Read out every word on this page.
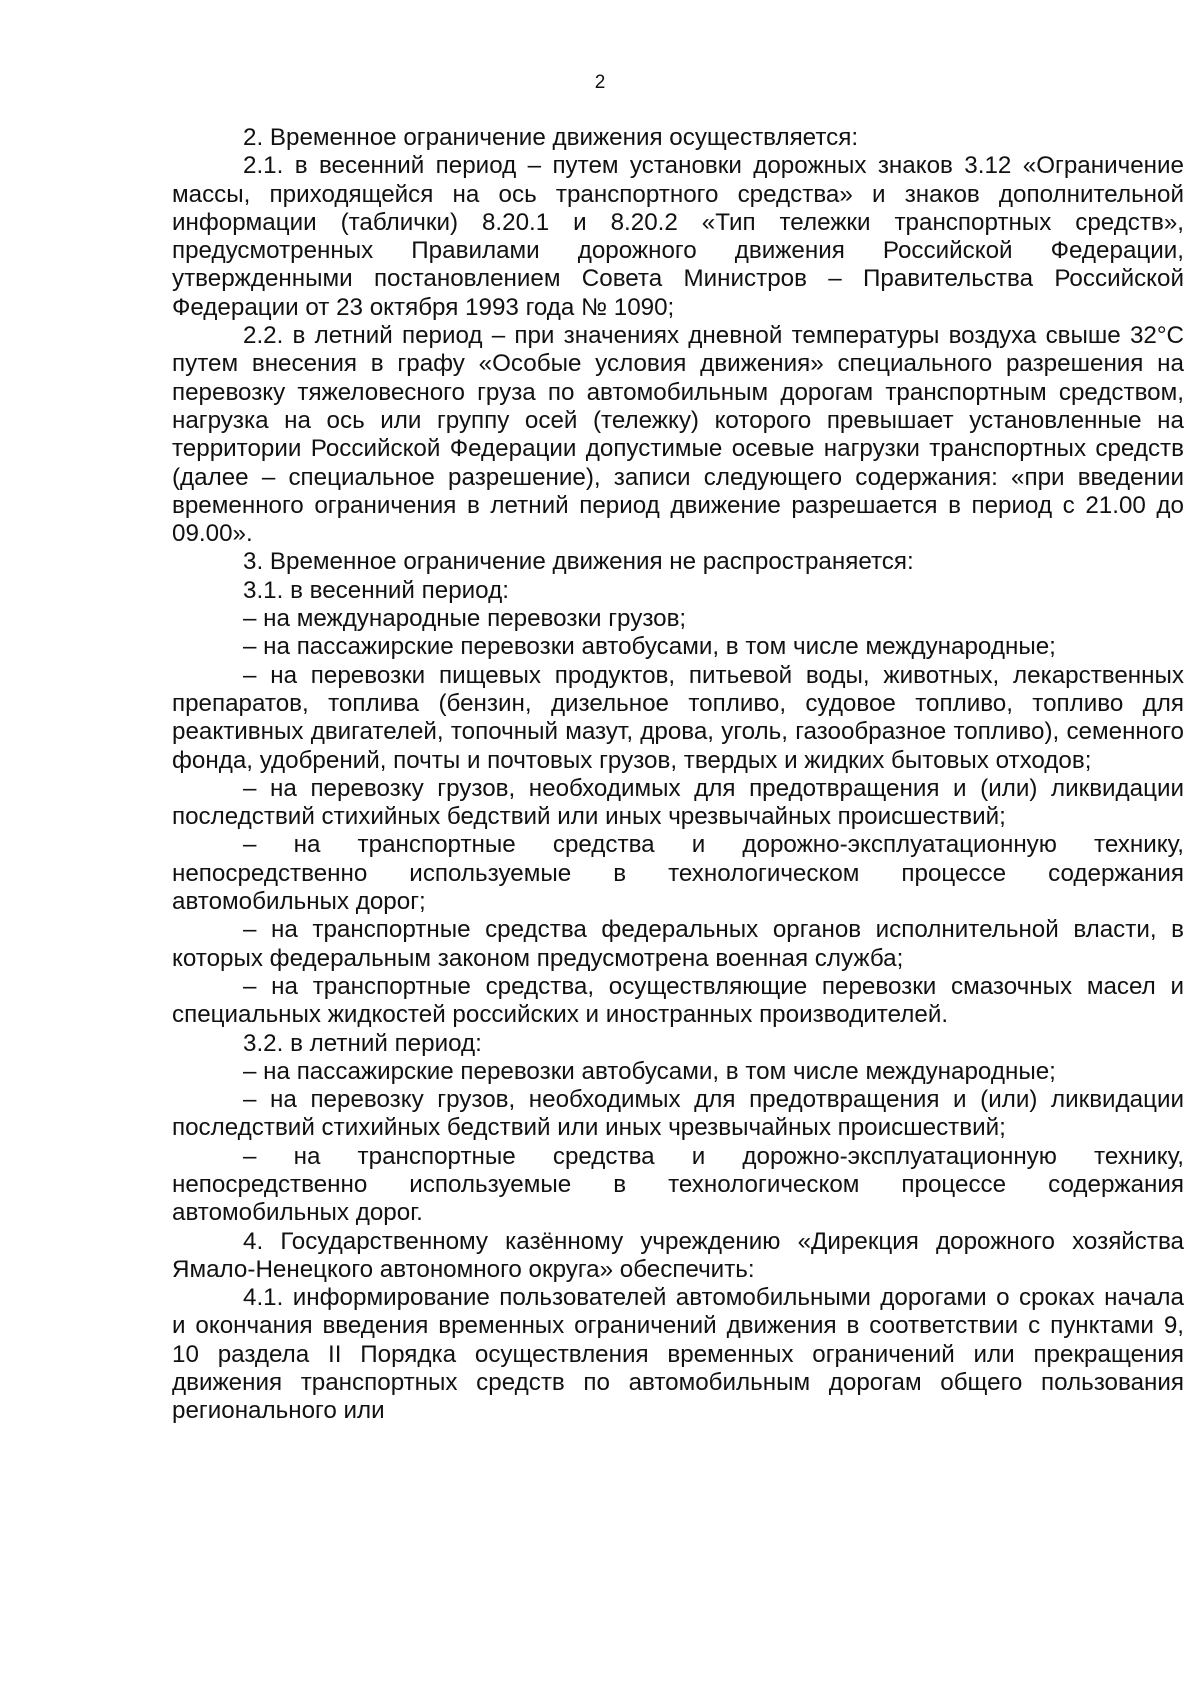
2

2. Временное ограничение движения осуществляется:

2.1. в весенний период – путем установки дорожных знаков 3.12 «Ограничение массы, приходящейся на ось транспортного средства» и знаков дополнительной информации (таблички) 8.20.1 и 8.20.2 «Тип тележки транспортных средств», предусмотренных Правилами дорожного движения Российской Федерации, утвержденными постановлением Совета Министров – Правительства Российской Федерации от 23 октября 1993 года № 1090;

2.2. в летний период – при значениях дневной температуры воздуха свыше 32°С путем внесения в графу «Особые условия движения» специального разрешения на перевозку тяжеловесного груза по автомобильным дорогам транспортным средством, нагрузка на ось или группу осей (тележку) которого превышает установленные на территории Российской Федерации допустимые осевые нагрузки транспортных средств (далее – специальное разрешение), записи следующего содержания: «при введении временного ограничения в летний период движение разрешается в период с 21.00 до 09.00».

3. Временное ограничение движения не распространяется:

3.1. в весенний период:

– на международные перевозки грузов;

– на пассажирские перевозки автобусами, в том числе международные;

– на перевозки пищевых продуктов, питьевой воды, животных, лекарственных препаратов, топлива (бензин, дизельное топливо, судовое топливо, топливо для реактивных двигателей, топочный мазут, дрова, уголь, газообразное топливо), семенного фонда, удобрений, почты и почтовых грузов, твердых и жидких бытовых отходов;

– на перевозку грузов, необходимых для предотвращения и (или) ликвидации последствий стихийных бедствий или иных чрезвычайных происшествий;

– на транспортные средства и дорожно-эксплуатационную технику, непосредственно используемые в технологическом процессе содержания автомобильных дорог;

– на транспортные средства федеральных органов исполнительной власти, в которых федеральным законом предусмотрена военная служба;

– на транспортные средства, осуществляющие перевозки смазочных масел и специальных жидкостей российских и иностранных производителей.

3.2. в летний период:

– на пассажирские перевозки автобусами, в том числе международные;

– на перевозку грузов, необходимых для предотвращения и (или) ликвидации последствий стихийных бедствий или иных чрезвычайных происшествий;

– на транспортные средства и дорожно-эксплуатационную технику, непосредственно используемые в технологическом процессе содержания автомобильных дорог.

4. Государственному казённому учреждению «Дирекция дорожного хозяйства Ямало-Ненецкого автономного округа» обеспечить:

4.1. информирование пользователей автомобильными дорогами о сроках начала и окончания введения временных ограничений движения в соответствии с пунктами 9, 10 раздела II Порядка осуществления временных ограничений или прекращения движения транспортных средств по автомобильным дорогам общего пользования регионального или
